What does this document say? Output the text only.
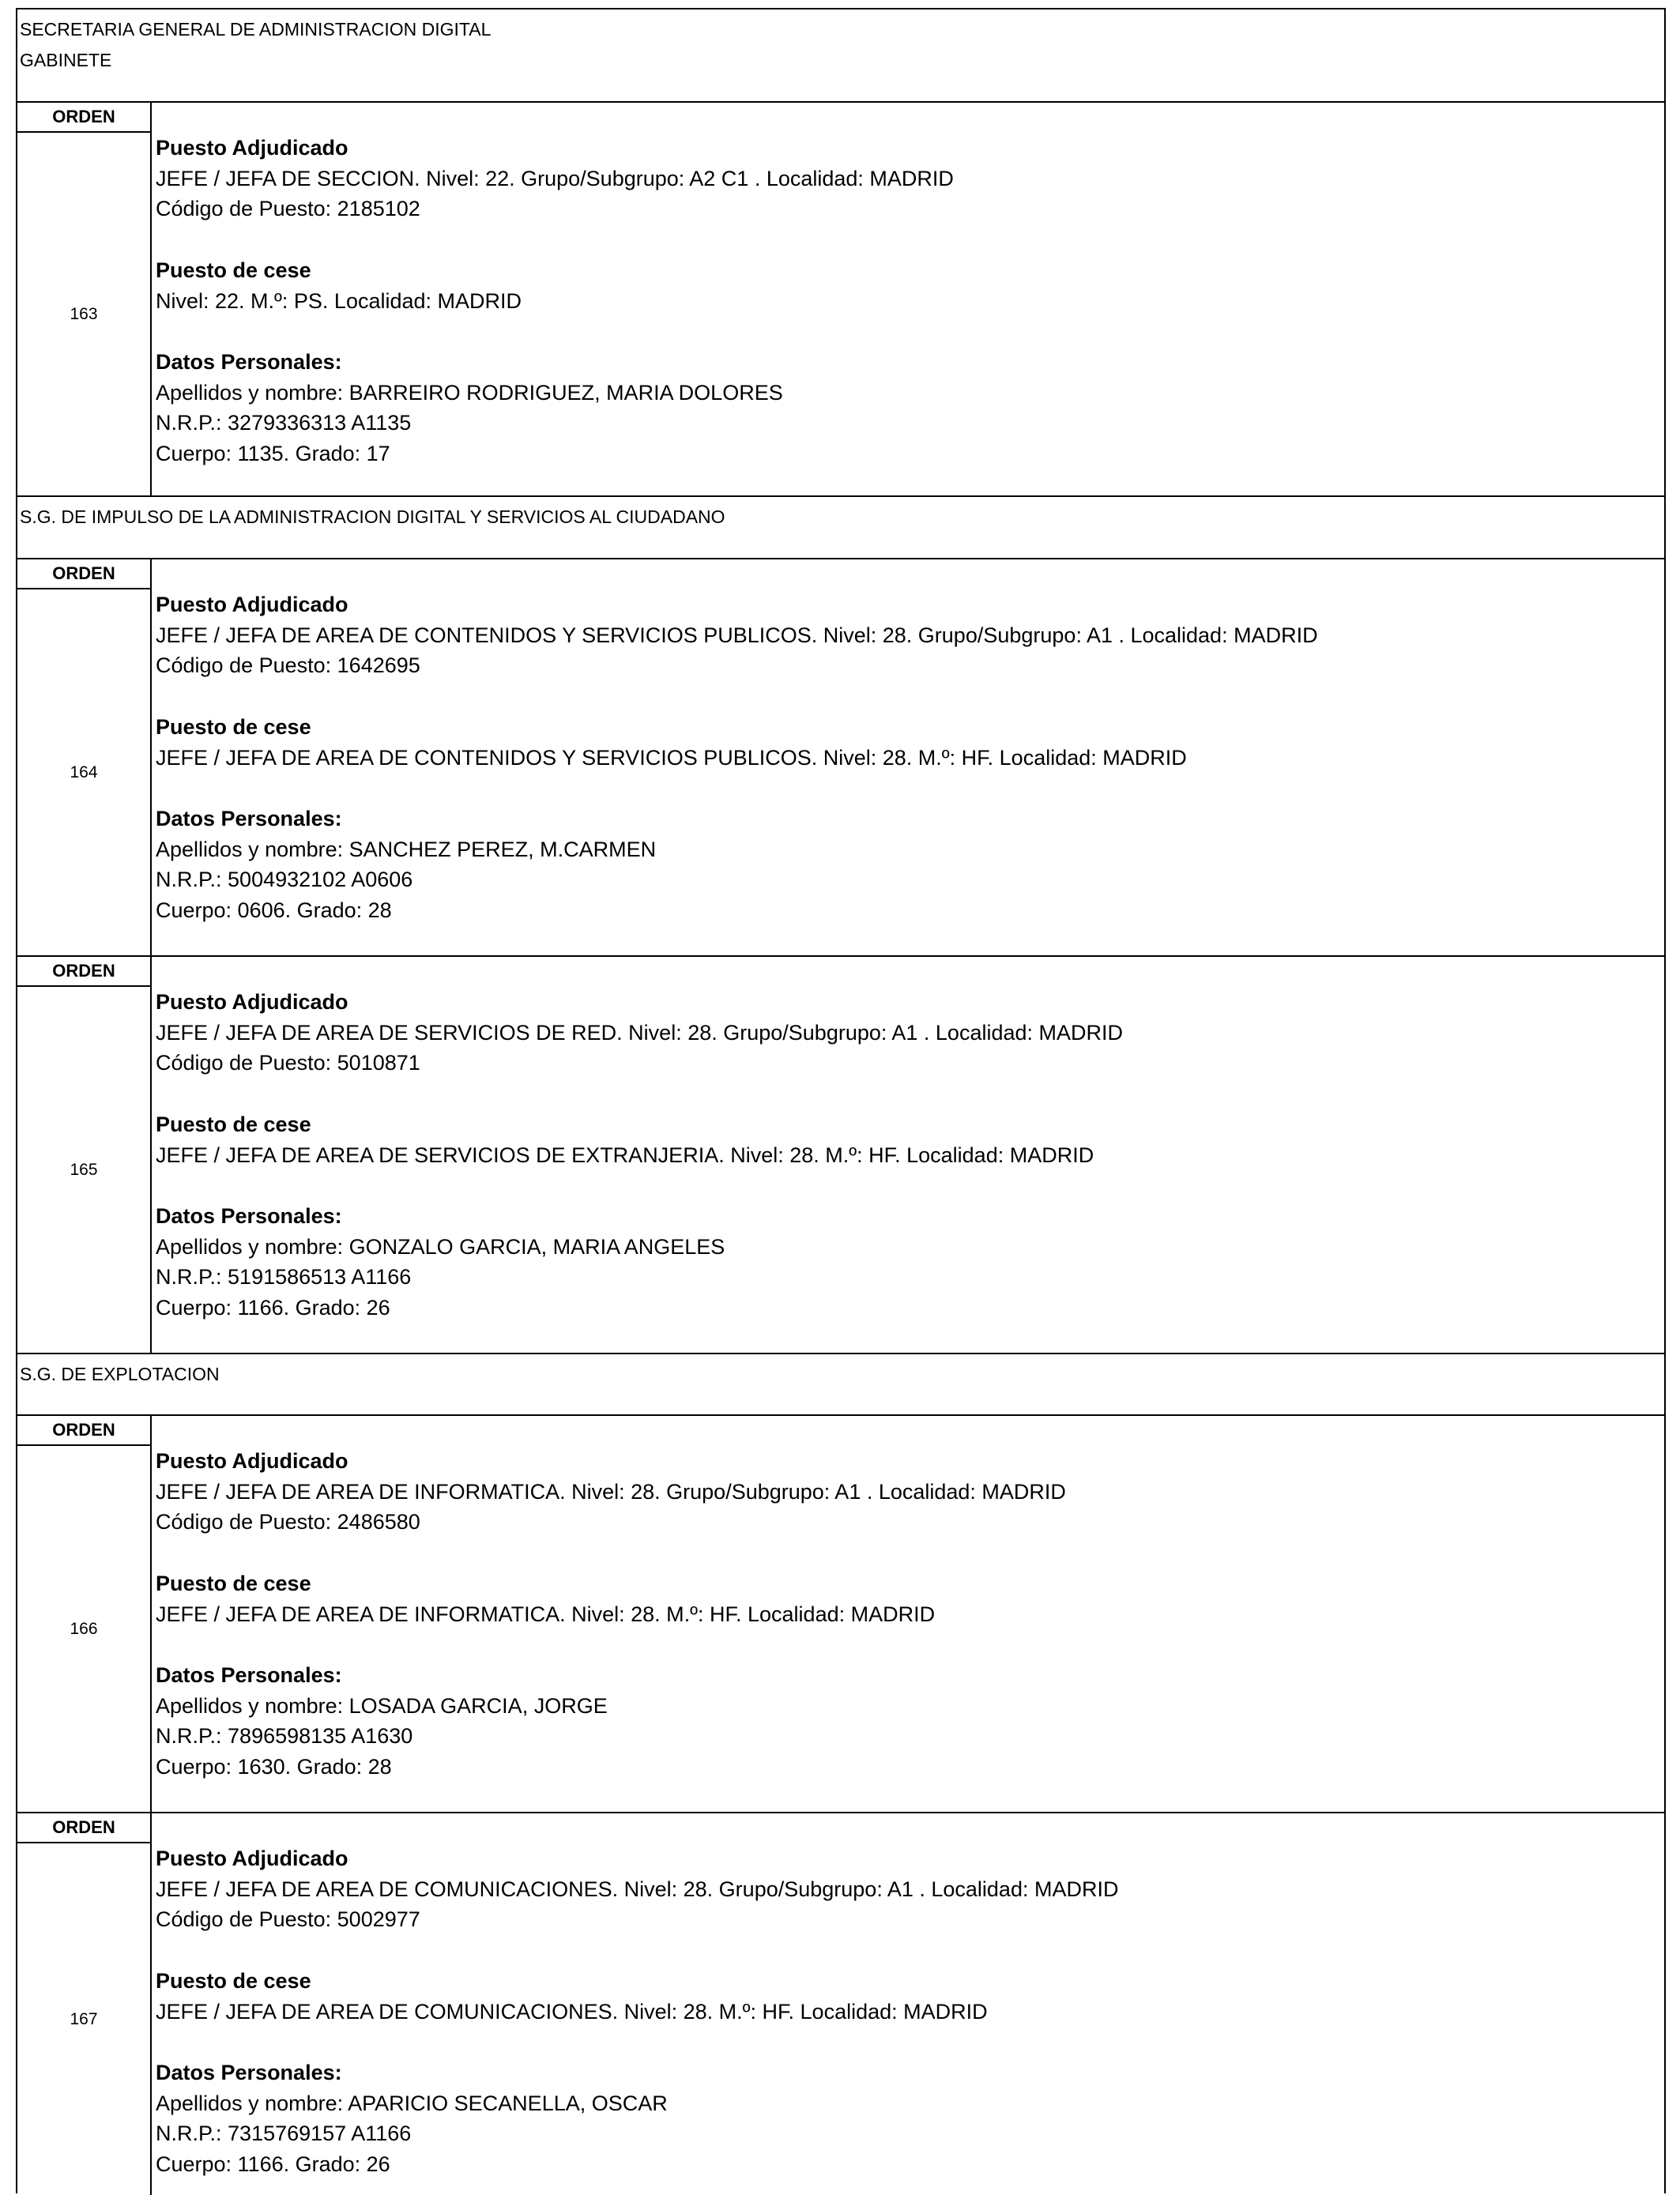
SECRETARIA GENERAL DE ADMINISTRACION DIGITAL
GABINETE
ORDEN
163
Puesto Adjudicado
JEFE / JEFA DE SECCION. Nivel: 22. Grupo/Subgrupo: A2 C1 . Localidad: MADRID
Código de Puesto: 2185102
Puesto de cese
Nivel: 22. M.º: PS. Localidad: MADRID
Datos Personales:
Apellidos y nombre: BARREIRO RODRIGUEZ, MARIA DOLORES
N.R.P.: 3279336313 A1135
Cuerpo: 1135. Grado: 17
S.G. DE IMPULSO DE LA ADMINISTRACION DIGITAL Y SERVICIOS AL CIUDADANO
ORDEN
164
Puesto Adjudicado
JEFE / JEFA DE AREA DE CONTENIDOS Y SERVICIOS PUBLICOS. Nivel: 28. Grupo/Subgrupo: A1 . Localidad: MADRID
Código de Puesto: 1642695
Puesto de cese
JEFE / JEFA DE AREA DE CONTENIDOS Y SERVICIOS PUBLICOS. Nivel: 28. M.º: HF. Localidad: MADRID
Datos Personales:
Apellidos y nombre: SANCHEZ PEREZ, M.CARMEN
N.R.P.: 5004932102 A0606
Cuerpo: 0606. Grado: 28
ORDEN
165
Puesto Adjudicado
JEFE / JEFA DE AREA DE SERVICIOS DE RED. Nivel: 28. Grupo/Subgrupo: A1 . Localidad: MADRID
Código de Puesto: 5010871
Puesto de cese
JEFE / JEFA DE AREA DE SERVICIOS DE EXTRANJERIA. Nivel: 28. M.º: HF. Localidad: MADRID
Datos Personales:
Apellidos y nombre: GONZALO GARCIA, MARIA ANGELES
N.R.P.: 5191586513 A1166
Cuerpo: 1166. Grado: 26
S.G. DE EXPLOTACION
ORDEN
166
Puesto Adjudicado
JEFE / JEFA DE AREA DE INFORMATICA. Nivel: 28. Grupo/Subgrupo: A1 . Localidad: MADRID
Código de Puesto: 2486580
Puesto de cese
JEFE / JEFA DE AREA DE INFORMATICA. Nivel: 28. M.º: HF. Localidad: MADRID
Datos Personales:
Apellidos y nombre: LOSADA GARCIA, JORGE
N.R.P.: 7896598135 A1630
Cuerpo: 1630. Grado: 28
ORDEN
167
Puesto Adjudicado
JEFE / JEFA DE AREA DE COMUNICACIONES. Nivel: 28. Grupo/Subgrupo: A1 . Localidad: MADRID
Código de Puesto: 5002977
Puesto de cese
JEFE / JEFA DE AREA DE COMUNICACIONES. Nivel: 28. M.º: HF. Localidad: MADRID
Datos Personales:
Apellidos y nombre: APARICIO SECANELLA, OSCAR
N.R.P.: 7315769157 A1166
Cuerpo: 1166. Grado: 26
